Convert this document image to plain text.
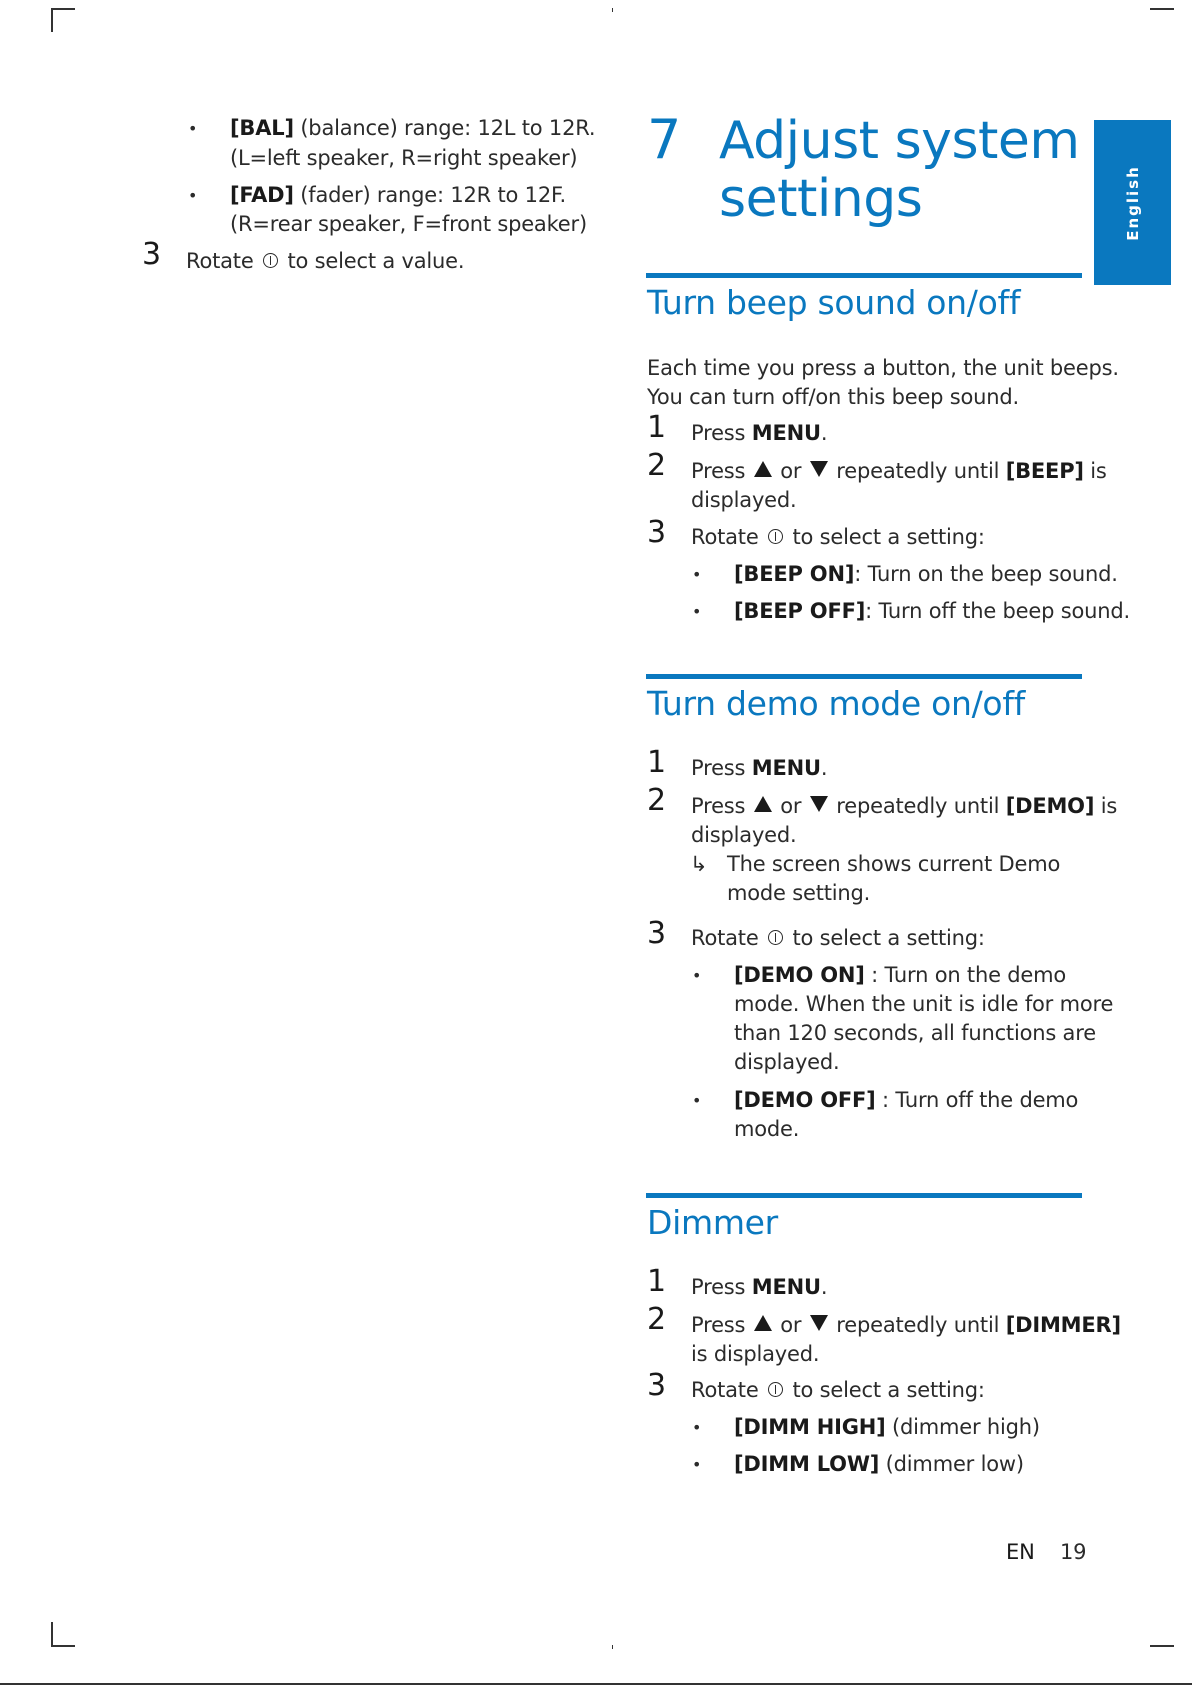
English
• [BAL] (balance) range: 12L to 12R.
(L=left speaker, R=right speaker)
• [FAD] (fader) range: 12R to 12F.
(R=rear speaker, F=front speaker)
3 Rotate  to select a value.
7 Adjust system
settings
Turn beep sound on/off
Each time you press a button, the unit beeps.
You can turn off/on this beep sound.
1 Press MENU.
2 Press  or  repeatedly until [BEEP] is
displayed.
3 Rotate  to select a setting:
• [BEEP ON]: Turn on the beep sound.
• [BEEP OFF]: Turn off the beep sound.
Turn demo mode on/off
1 Press MENU.
2 Press  or  repeatedly until [DEMO] is
displayed.
↳ The screen shows current Demo
mode setting.
3 Rotate  to select a setting:
• [DEMO ON] : Turn on the demo
mode. When the unit is idle for more
than 120 seconds, all functions are
displayed.
• [DEMO OFF] : Turn off the demo
mode.
Dimmer
1 Press MENU.
2 Press  or  repeatedly until [DIMMER]
is displayed.
3 Rotate  to select a setting:
• [DIMM HIGH] (dimmer high)
• [DIMM LOW] (dimmer low)
EN 19
